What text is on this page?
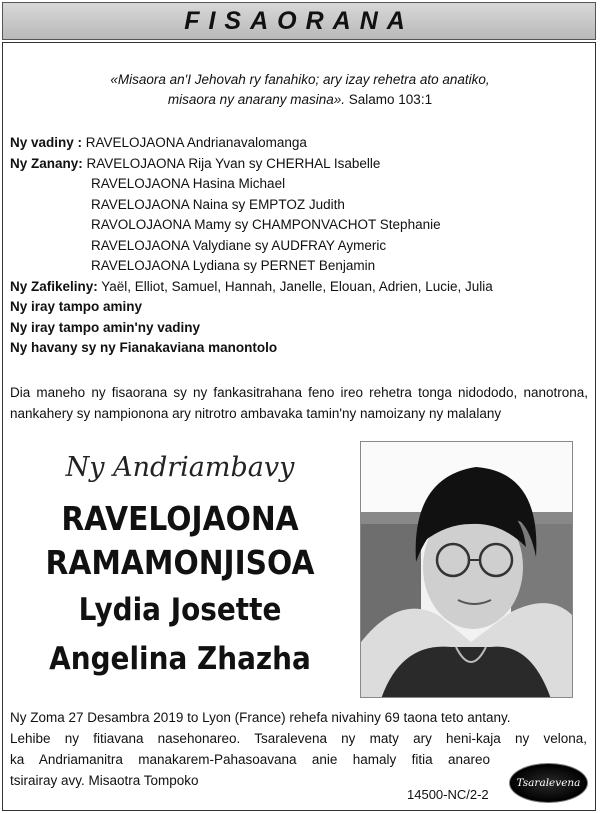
FISAORANA
«Misaora an'I Jehovah ry fanahiko; ary izay rehetra ato anatiko,
misaora ny anarany masina». Salamo 103:1
Ny vadiny : RAVELOJAONA Andrianavalomanga
Ny Zanany: RAVELOJAONA Rija Yvan sy CHERHAL Isabelle
RAVELOJAONA Hasina Michael
RAVELOJAONA Naina sy EMPTOZ Judith
RAVOLOJAONA Mamy sy CHAMPONVACHOT Stephanie
RAVELOJAONA Valydiane sy AUDFRAY Aymeric
RAVELOJAONA Lydiana sy PERNET Benjamin
Ny Zafikeliny: Yaël, Elliot, Samuel, Hannah, Janelle, Elouan, Adrien, Lucie, Julia
Ny iray tampo aminy
Ny iray tampo amin'ny vadiny
Ny havany sy ny Fianakaviana manontolo
Dia maneho ny fisaorana sy ny fankasitrahana feno ireo rehetra tonga nidododo, nanotrona, nankahery sy nampionona ary nitrotro ambavaka tamin'ny namoizany ny malalany
Ny Andriambavy
RAVELOJAONA
RAMAMONJISOA
Lydia Josette
Angelina Zhazha
Ny Zoma 27 Desambra 2019 to Lyon (France) rehefa nivahiny 69 taona teto antany.
Lehibe ny fitiavana nasehonareo. Tsaralevena ny maty ary heni-kaja ny velona,
ka Andriamanitra manakarem-Pahasoavana anie hamaly fitia anareo
tsirairay avy. Misaotra Tompoko	Tsaralevena
14500-NC/2-2
